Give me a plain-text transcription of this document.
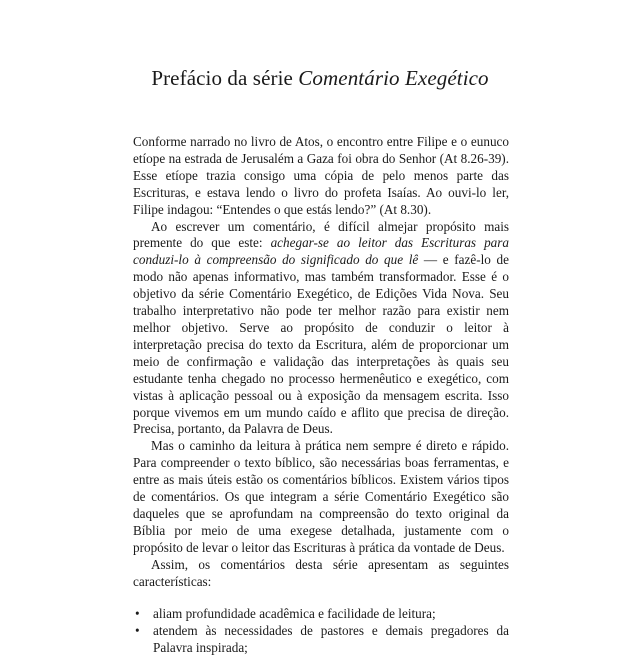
Prefácio da série Comentário Exegético

Conforme narrado no livro de Atos, o encontro entre Filipe e o eunuco etíope na estrada de Jerusalém a Gaza foi obra do Senhor (At 8.26-39). Esse etíope trazia consigo uma cópia de pelo menos parte das Escrituras, e estava lendo o livro do profeta Isaías. Ao ouvi-lo ler, Filipe indagou: “Entendes o que estás lendo?” (At 8.30).

Ao escrever um comentário, é difícil almejar propósito mais premente do que este: achegar-se ao leitor das Escrituras para conduzi-lo à compreensão do significado do que lê — e fazê-lo de modo não apenas informativo, mas também transformador. Esse é o objetivo da série Comentário Exegético, de Edições Vida Nova. Seu trabalho interpretativo não pode ter melhor razão para existir nem melhor objetivo. Serve ao propósito de conduzir o leitor à interpretação precisa do texto da Escritura, além de proporcionar um meio de confirmação e validação das interpretações às quais seu estudante tenha chegado no processo hermenêutico e exegético, com vistas à aplicação pessoal ou à exposição da mensagem escrita. Isso porque vivemos em um mundo caído e aflito que precisa de direção. Precisa, portanto, da Palavra de Deus.

Mas o caminho da leitura à prática nem sempre é direto e rápido. Para compreender o texto bíblico, são necessárias boas ferramentas, e entre as mais úteis estão os comentários bíblicos. Existem vários tipos de comentários. Os que integram a série Comentário Exegético são daqueles que se aprofundam na compreensão do texto original da Bíblia por meio de uma exegese detalhada, justamente com o propósito de levar o leitor das Escrituras à prática da vontade de Deus.

Assim, os comentários desta série apresentam as seguintes características:

• aliam profundidade acadêmica e facilidade de leitura;
• atendem às necessidades de pastores e demais pregadores da Palavra inspirada;
